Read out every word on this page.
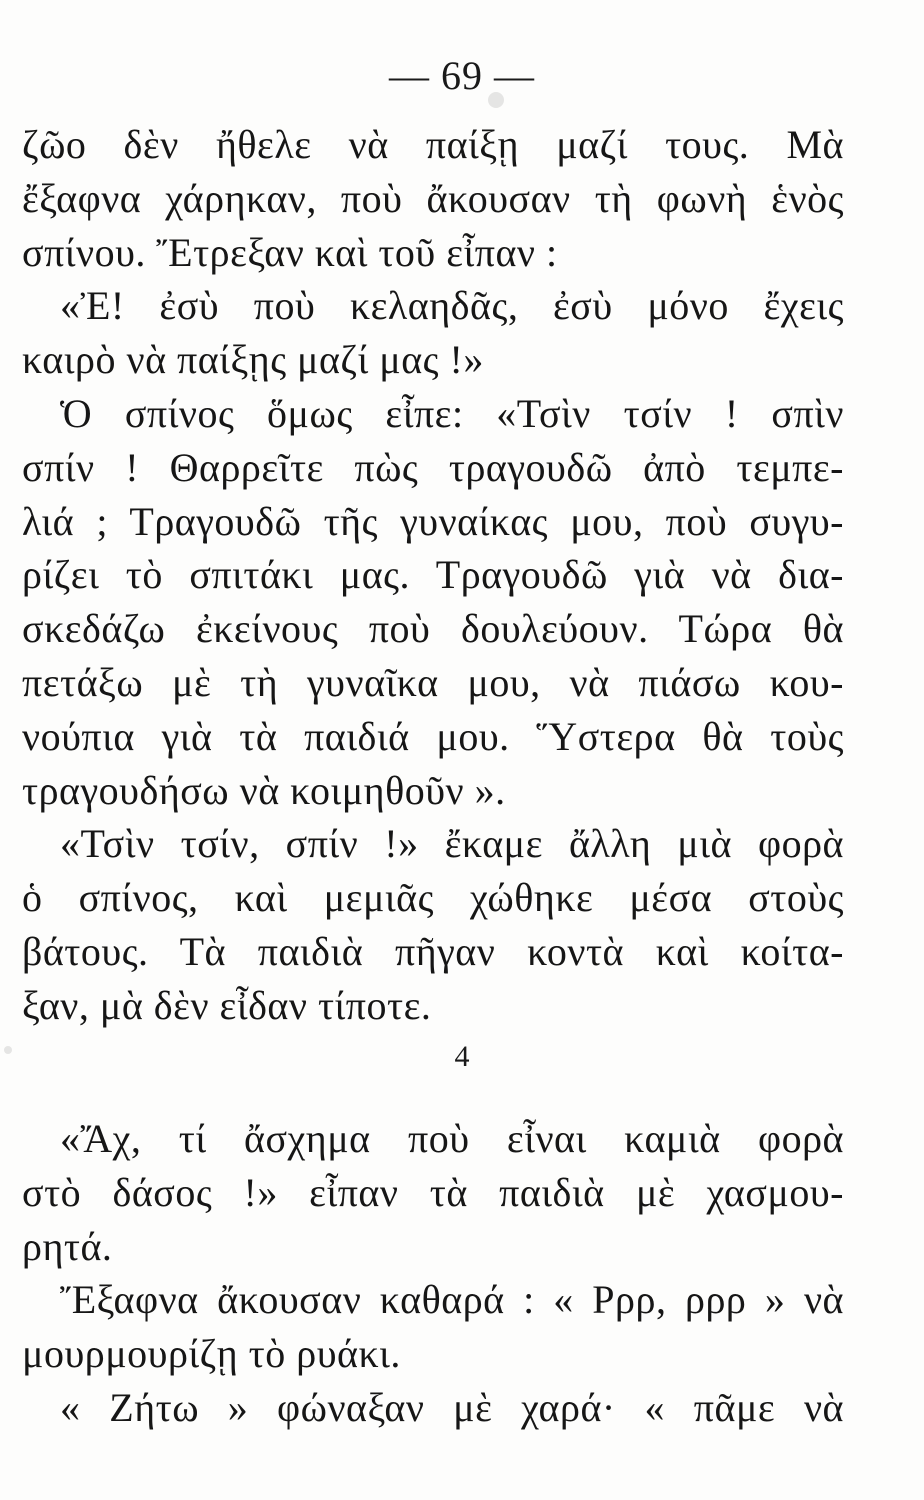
— 69 —
ζῶο δὲν ἤθελε νὰ παίξῃ μαζί τους. Μὰ
ἔξαφνα χάρηκαν, ποὺ ἄκουσαν τὴ φωνὴ ἑνὸς
σπίνου. Ἔτρεξαν καὶ τοῦ εἶπαν :
«Ἐ! ἐσὺ ποὺ κελαηδᾶς, ἐσὺ μόνο ἔχεις
καιρὸ νὰ παίξῃς μαζί μας !»
Ὁ σπίνος ὅμως εἶπε: «Τσὶν τσίν ! σπὶν
σπίν ! Θαρρεῖτε πὼς τραγουδῶ ἀπὸ τεμπε-
λιά ; Τραγουδῶ τῆς γυναίκας μου, ποὺ συγυ-
ρίζει τὸ σπιτάκι μας. Τραγουδῶ γιὰ νὰ δια-
σκεδάζω ἐκείνους ποὺ δουλεύουν. Τώρα θὰ
πετάξω μὲ τὴ γυναῖκα μου, νὰ πιάσω κου-
νούπια γιὰ τὰ παιδιά μου. Ὕστερα θὰ τοὺς
τραγουδήσω νὰ κοιμηθοῦν ».
«Τσὶν τσίν, σπίν !» ἔκαμε ἄλλη μιὰ φορὰ
ὁ σπίνος, καὶ μεμιᾶς χώθηκε μέσα στοὺς
βάτους. Τὰ παιδιὰ πῆγαν κοντὰ καὶ κοίτα-
ξαν, μὰ δὲν εἶδαν τίποτε.
4
«Ἄχ, τί ἄσχημα ποὺ εἶναι καμιὰ φορὰ
στὸ δάσος !» εἶπαν τὰ παιδιὰ μὲ χασμου-
ρητά.
Ἔξαφνα ἄκουσαν καθαρά : « Ρρρ, ρρρ » νὰ
μουρμουρίζῃ τὸ ρυάκι.
« Ζήτω » φώναξαν μὲ χαρά· « πᾶμε νὰ
